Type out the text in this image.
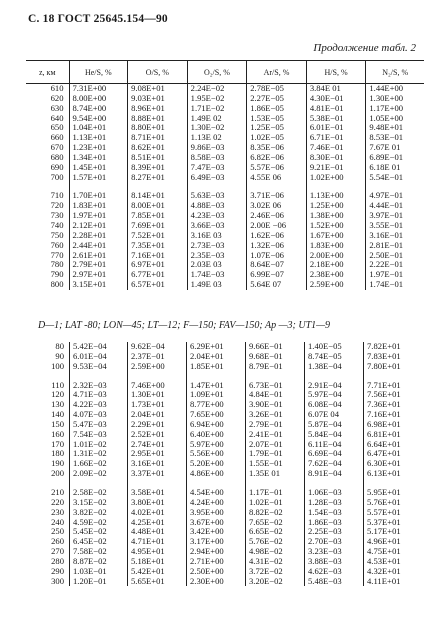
С. 18 ГОСТ 25645.154—90
Продолжение табл. 2
z, км	He/S, %	O/S, %	O₂/S, %	Ar/S, %	H/S, %	N₂/S, %
610	7.31E+00	9.08E+01	2.24E−02	2.78E−05	3.84E 01	1.44E+00
620	8.00E+00	9.03E+01	1.95E−02	2.27E−05	4.30E−01	1.30E+00
630	8.74E+00	8.96E+01	1.71E−02	1.86E−05	4.81E−01	1.17E+00
640	9.54E+00	8.88E+01	1.49E 02	1.53E−05	5.38E−01	1.05E+00
650	1.04E+01	8.80E+01	1.30E−02	1.25E−05	6.01E−01	9.48E+01
660	1.13E+01	8.71E+01	1.13E 02	1.02E−05	6.71E−01	8.53E−01
670	1.23E+01	8.62E+01	9.86E−03	8.35E−06	7.46E−01	7.67E 01
680	1.34E+01	8.51E+01	8.58E−03	6.82E−06	8.30E−01	6.89E−01
690	1.45E+01	8.39E+01	7.47E−03	5.57E−06	9.21E−01	6.18E 01
700	1.57E+01	8.27E+01	6.49E−03	4.55E 06	1.02E+00	5.54E−01

710	1.70E+01	8.14E+01	5.63E−03	3.71E−06	1.13E+00	4.97E−01
720	1.83E+01	8.00E+01	4.88E−03	3.02E 06	1.25E+00	4.44E−01
730	1.97E+01	7.85E+01	4.23E−03	2.46E−06	1.38E+00	3.97E−01
740	2.12E+01	7.69E+01	3.66E−03	2.00E −06	1.52E+00	3.55E−01
750	2.28E+01	7.52E+01	3.16E 03	1.62E−06	1.67E+00	3.16E−01
760	2.44E+01	7.35E+01	2.73E−03	1.32E−06	1.83E+00	2.81E−01
770	2.61E+01	7.16E+01	2.35E−03	1.07E−06	2.00E+00	2.50E−01
780	2.79E+01	6.97E+01	2.03E 03	8.64E−07	2.18E+00	2.22E−01
790	2.97E+01	6.77E+01	1.74E−03	6.99E−07	2.38E+00	1.97E−01
800	3.15E+01	6.57E+01	1.49E 03	5.64E 07	2.59E+00	1.74E−01
D—1; LAT -80; LON—45; LT—12; F—150; FAV—150; Ap —3; UT1—9
80	5.42E−04	9.62E−04	6.29E+01	9.66E−01	1.40E−05	7.82E+01
90	6.01E−04	2.37E−01	2.04E+01	9.68E−01	8.74E−05	7.83E+01
100	9.53E−04	2.59E+00	1.85E+01	8.79E−01	1.38E−04	7.80E+01

110	2.32E−03	7.46E+00	1.47E+01	6.73E−01	2.91E−04	7.71E+01
120	4.71E−03	1.30E+01	1.09E+01	4.84E−01	5.97E−04	7.56E+01
130	4.22E−03	1.73E+01	8.77E+00	3.90E−01	6.08E−04	7.36E+01
140	4.07E−03	2.04E+01	7.65E+00	3.26E−01	6.07E 04	7.16E+01
150	5.47E−03	2.29E+01	6.94E+00	2.79E−01	5.87E−04	6.98E+01
160	7.54E−03	2.52E+01	6.40E+00	2.41E−01	5.84E−04	6.81E+01
170	1.01E−02	2.74E+01	5.97E+00	2.07E−01	6.11E−04	6.64E+01
180	1.31E−02	2.95E+01	5.56E+00	1.79E−01	6.69E−04	6.47E+01
190	1.66E−02	3.16E+01	5.20E+00	1.55E−01	7.62E−04	6.30E+01
200	2.09E−02	3.37E+01	4.86E+00	1.35E 01	8.91E−04	6.13E+01

210	2.58E−02	3.58E+01	4.54E+00	1.17E−01	1.06E−03	5.95E+01
220	3.15E−02	3.80E+01	4.24E+00	1.02E−01	1.28E−03	5.76E+01
230	3.82E−02	4.02E+01	3.95E+00	8.82E−02	1.54E−03	5.57E+01
240	4.59E−02	4.25E+01	3.67E+00	7.65E−02	1.86E−03	5.37E+01
250	5.45E−02	4.48E+01	3.42E+00	6.65E−02	2.25E−03	5.17E+01
260	6.45E−02	4.71E+01	3.17E+00	5.76E−02	2.70E−03	4.96E+01
270	7.58E−02	4.95E+01	2.94E+00	4.98E−02	3.23E−03	4.75E+01
280	8.87E−02	5.18E+01	2.71E+00	4.31E−02	3.88E−03	4.53E+01
290	1.03E−01	5.42E+01	2.50E+00	3.72E−02	4.62E−03	4.32E+01
300	1.20E−01	5.65E+01	2.30E+00	3.20E−02	5.48E−03	4.11E+01
